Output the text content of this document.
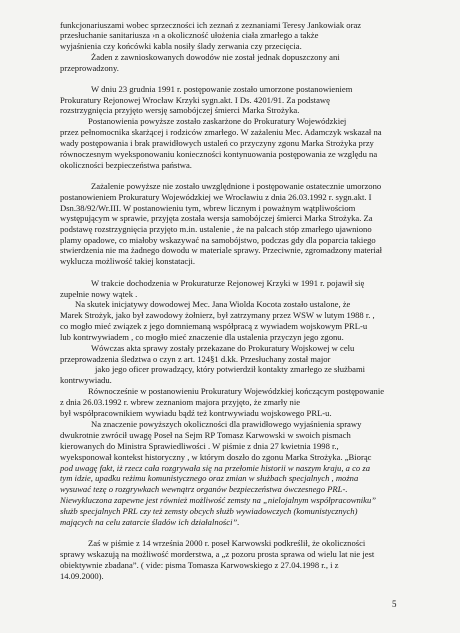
funkcjonariuszami wobec sprzeczności ich zeznań z zeznaniami Teresy Jankowiak oraz
przesłuchanie sanitariusza ›n a okoliczność ułożenia ciała zmarłego a także
wyjaśnienia czy końcówki kabla nosiły ślady zerwania czy przecięcia.
Żaden z zawnioskowanych dowodów nie został jednak dopuszczony ani
przeprowadzony.
W dniu 23 grudnia 1991 r. postępowanie zostało umorzone postanowieniem
Prokuratury Rejonowej Wrocław Krzyki sygn.akt. I Ds. 4201/91. Za podstawę
rozstrzygnięcia przyjęto wersję samobójczej śmierci Marka Strożyka.
Postanowienia powyższe zostało zaskarżone do Prokuratury Wojewódzkiej
przez pełnomocnika skarżącej i rodziców zmarłego. W zażaleniu Mec. Adamczyk wskazał na
wady postępowania i brak prawidłowych ustaleń co przyczyny zgonu Marka Strożyka przy
równoczesnym wyeksponowaniu konieczności kontynuowania postępowania ze względu na
okoliczności bezpieczeństwa państwa.
Zażalenie powyższe nie zostało uwzględnione i postępowanie ostatecznie umorzono
postanowieniem Prokuratury Wojewódzkiej we Wrocławiu z dnia 26.03.1992 r. sygn.akt. I
Dsn.38/92/Wr.III. W postanowieniu tym, wbrew licznym i poważnym wątpliwościom
występującym w sprawie, przyjęta została wersja samobójczej śmierci Marka Strożyka. Za
podstawę rozstrzygnięcia przyjęto m.in. ustalenie , że na palcach stóp zmarłego ujawniono
plamy opadowe, co miałoby wskazywać na samobójstwo, podczas gdy dla poparcia takiego
stwierdzenia nie ma żadnego dowodu w materiale sprawy. Przeciwnie, zgromadzony materiał
wyklucza możliwość takiej konstatacji.
W trakcie dochodzenia w Prokuraturze Rejonowej Krzyki w 1991 r. pojawił się
zupełnie nowy wątek .
Na skutek inicjatywy dowodowej Mec. Jana Wiolda Kocota zostało ustalone, że
Marek Strożyk, jako był zawodowy żołnierz, był zatrzymany przez WSW w lutym 1988 r. ,
co mogło mieć związek z jego domniemaną współpracą z wywiadem wojskowym PRL-u
lub kontrwywiadem , co mogło mieć znaczenie dla ustalenia przyczyn jego zgonu.
Wówczas akta sprawy zostały przekazane do Prokuratury Wojskowej w celu
przeprowadzenia śledztwa o czyn z art. 124§1 d.kk. Przesłuchany został major
jako jego oficer prowadzący, który potwierdził kontakty zmarłego ze służbami
kontrwywiadu.
Równocześnie w postanowieniu Prokuratury Wojewódzkiej kończącym postępowanie
z dnia 26.03.1992 r. wbrew zeznaniom majora przyjęto, że zmarły nie
był współpracownikiem wywiadu bądź też kontrwywiadu wojskowego PRL-u.
Na znaczenie powyższych okoliczności dla prawidłowego wyjaśnienia sprawy
dwukrotnie zwrócił uwagę Poseł na Sejm RP Tomasz Karwowski w swoich pismach
kierowanych do Ministra Sprawiedliwości . W piśmie z dnia 27 kwietnia 1998 r.,
wyeksponował kontekst historyczny , w którym doszło do zgonu Marka Strożyka. „Biorąc
pod uwagę fakt, iż rzecz cała rozgrywała się na przełomie historii w naszym kraju, a co za
tym idzie, upadku reżimu komunistycznego oraz zmian w służbach specjalnych , można
wysuwać tezę o rozgrywkach wewnątrz organów bezpieczeństwa ówczesnego PRL-.
Niewykluczona zapewne jest również możliwość zemsty na „nielojalnym współpracowniku”
służb specjalnych PRL czy też zemsty obcych służb wywiadowczych (komunistycznych)
mających na celu zatarcie śladów ich działalności”.
Zaś w piśmie z 14 września 2000 r. poseł Karwowski podkreślił, że okoliczności
sprawy wskazują na możliwość morderstwa, a „z pozoru prosta sprawa od wielu lat nie jest
obiektywnie zbadana”. ( vide: pisma Tomasza Karwowskiego z 27.04.1998 r., i z
14.09.2000).
5
